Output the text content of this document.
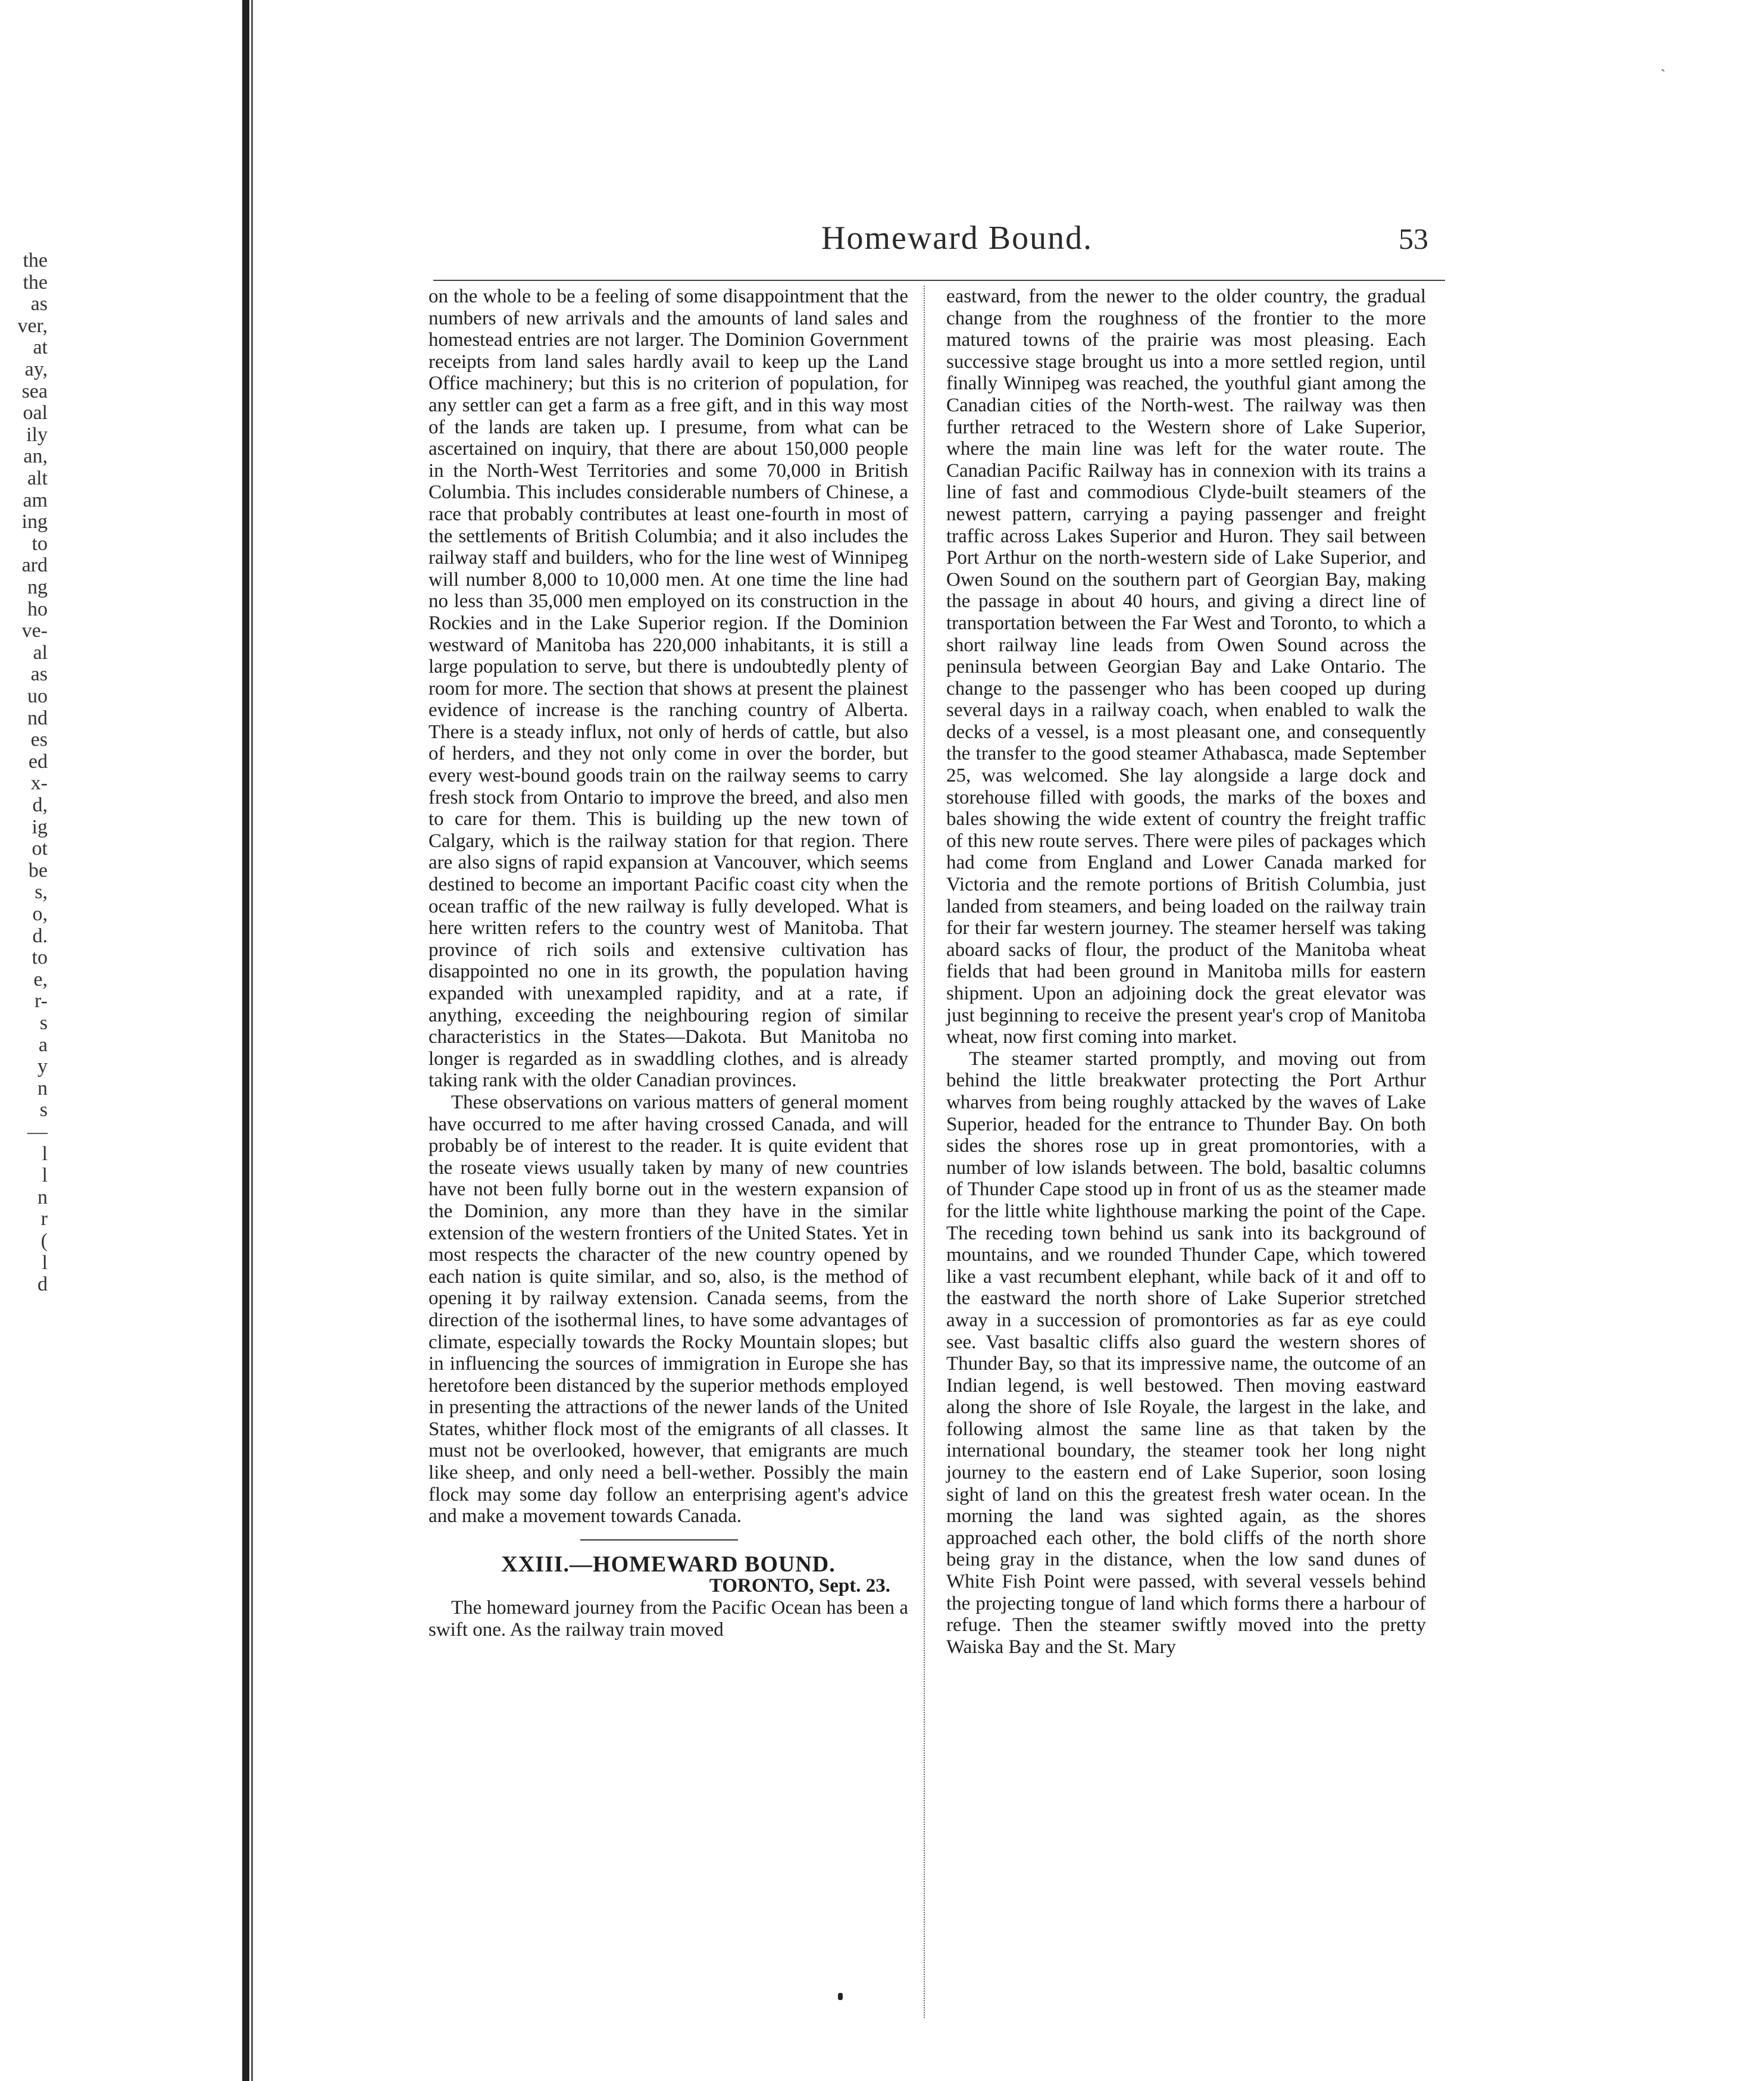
the
the
as
ver,
at
ay,
sea
oal
ily
an,
alt
am
ing
to
ard
ng
ho
ve-
al
as
uo
nd
es
ed
x-
d,
ig
ot
be
s,
o,
d.
to
e,
r-
s
a
y
n
s
—
l
l
n
r
(
l
d
`
Homeward Bound.	53

on the whole to be a feeling of some disappointment that the numbers of new arrivals and the amounts of land sales and homestead entries are not larger. The Dominion Government receipts from land sales hardly avail to keep up the Land Office machinery; but this is no criterion of population, for any settler can get a farm as a free gift, and in this way most of the lands are taken up. I presume, from what can be ascertained on inquiry, that there are about 150,000 people in the North-West Territories and some 70,000 in British Columbia. This includes considerable numbers of Chinese, a race that probably contributes at least one-fourth in most of the settlements of British Columbia; and it also includes the railway staff and builders, who for the line west of Winnipeg will number 8,000 to 10,000 men. At one time the line had no less than 35,000 men employed on its construction in the Rockies and in the Lake Superior region. If the Dominion westward of Manitoba has 220,000 inhabitants, it is still a large population to serve, but there is undoubtedly plenty of room for more. The section that shows at present the plainest evidence of increase is the ranching country of Alberta. There is a steady influx, not only of herds of cattle, but also of herders, and they not only come in over the border, but every west-bound goods train on the railway seems to carry fresh stock from Ontario to improve the breed, and also men to care for them. This is building up the new town of Calgary, which is the railway station for that region. There are also signs of rapid expansion at Vancouver, which seems destined to become an important Pacific coast city when the ocean traffic of the new railway is fully developed. What is here written refers to the country west of Manitoba. That province of rich soils and extensive cultivation has disappointed no one in its growth, the population having expanded with unexampled rapidity, and at a rate, if anything, exceeding the neighbouring region of similar characteristics in the States—Dakota. But Manitoba no longer is regarded as in swaddling clothes, and is already taking rank with the older Canadian provinces.

These observations on various matters of general moment have occurred to me after having crossed Canada, and will probably be of interest to the reader. It is quite evident that the roseate views usually taken by many of new countries have not been fully borne out in the western expansion of the Dominion, any more than they have in the similar extension of the western frontiers of the United States. Yet in most respects the character of the new country opened by each nation is quite similar, and so, also, is the method of opening it by railway extension. Canada seems, from the direction of the isothermal lines, to have some advantages of climate, especially towards the Rocky Mountain slopes; but in influencing the sources of immigration in Europe she has heretofore been distanced by the superior methods employed in presenting the attractions of the newer lands of the United States, whither flock most of the emigrants of all classes. It must not be overlooked, however, that emigrants are much like sheep, and only need a bell-wether. Possibly the main flock may some day follow an enterprising agent's advice and make a movement towards Canada.

XXIII.—HOMEWARD BOUND.

TORONTO, Sept. 23.

The homeward journey from the Pacific Ocean has been a swift one. As the railway train moved

eastward, from the newer to the older country, the gradual change from the roughness of the frontier to the more matured towns of the prairie was most pleasing. Each successive stage brought us into a more settled region, until finally Winnipeg was reached, the youthful giant among the Canadian cities of the North-west. The railway was then further retraced to the Western shore of Lake Superior, where the main line was left for the water route. The Canadian Pacific Railway has in connexion with its trains a line of fast and commodious Clyde-built steamers of the newest pattern, carrying a paying passenger and freight traffic across Lakes Superior and Huron. They sail between Port Arthur on the north-western side of Lake Superior, and Owen Sound on the southern part of Georgian Bay, making the passage in about 40 hours, and giving a direct line of transportation between the Far West and Toronto, to which a short railway line leads from Owen Sound across the peninsula between Georgian Bay and Lake Ontario. The change to the passenger who has been cooped up during several days in a railway coach, when enabled to walk the decks of a vessel, is a most pleasant one, and consequently the transfer to the good steamer Athabasca, made September 25, was welcomed. She lay alongside a large dock and storehouse filled with goods, the marks of the boxes and bales showing the wide extent of country the freight traffic of this new route serves. There were piles of packages which had come from England and Lower Canada marked for Victoria and the remote portions of British Columbia, just landed from steamers, and being loaded on the railway train for their far western journey. The steamer herself was taking aboard sacks of flour, the product of the Manitoba wheat fields that had been ground in Manitoba mills for eastern shipment. Upon an adjoining dock the great elevator was just beginning to receive the present year's crop of Manitoba wheat, now first coming into market.

The steamer started promptly, and moving out from behind the little breakwater protecting the Port Arthur wharves from being roughly attacked by the waves of Lake Superior, headed for the entrance to Thunder Bay. On both sides the shores rose up in great promontories, with a number of low islands between. The bold, basaltic columns of Thunder Cape stood up in front of us as the steamer made for the little white lighthouse marking the point of the Cape. The receding town behind us sank into its background of mountains, and we rounded Thunder Cape, which towered like a vast recumbent elephant, while back of it and off to the eastward the north shore of Lake Superior stretched away in a succession of promontories as far as eye could see. Vast basaltic cliffs also guard the western shores of Thunder Bay, so that its impressive name, the outcome of an Indian legend, is well bestowed. Then moving eastward along the shore of Isle Royale, the largest in the lake, and following almost the same line as that taken by the international boundary, the steamer took her long night journey to the eastern end of Lake Superior, soon losing sight of land on this the greatest fresh water ocean. In the morning the land was sighted again, as the shores approached each other, the bold cliffs of the north shore being gray in the distance, when the low sand dunes of White Fish Point were passed, with several vessels behind the projecting tongue of land which forms there a harbour of refuge. Then the steamer swiftly moved into the pretty Waiska Bay and the St. Mary
